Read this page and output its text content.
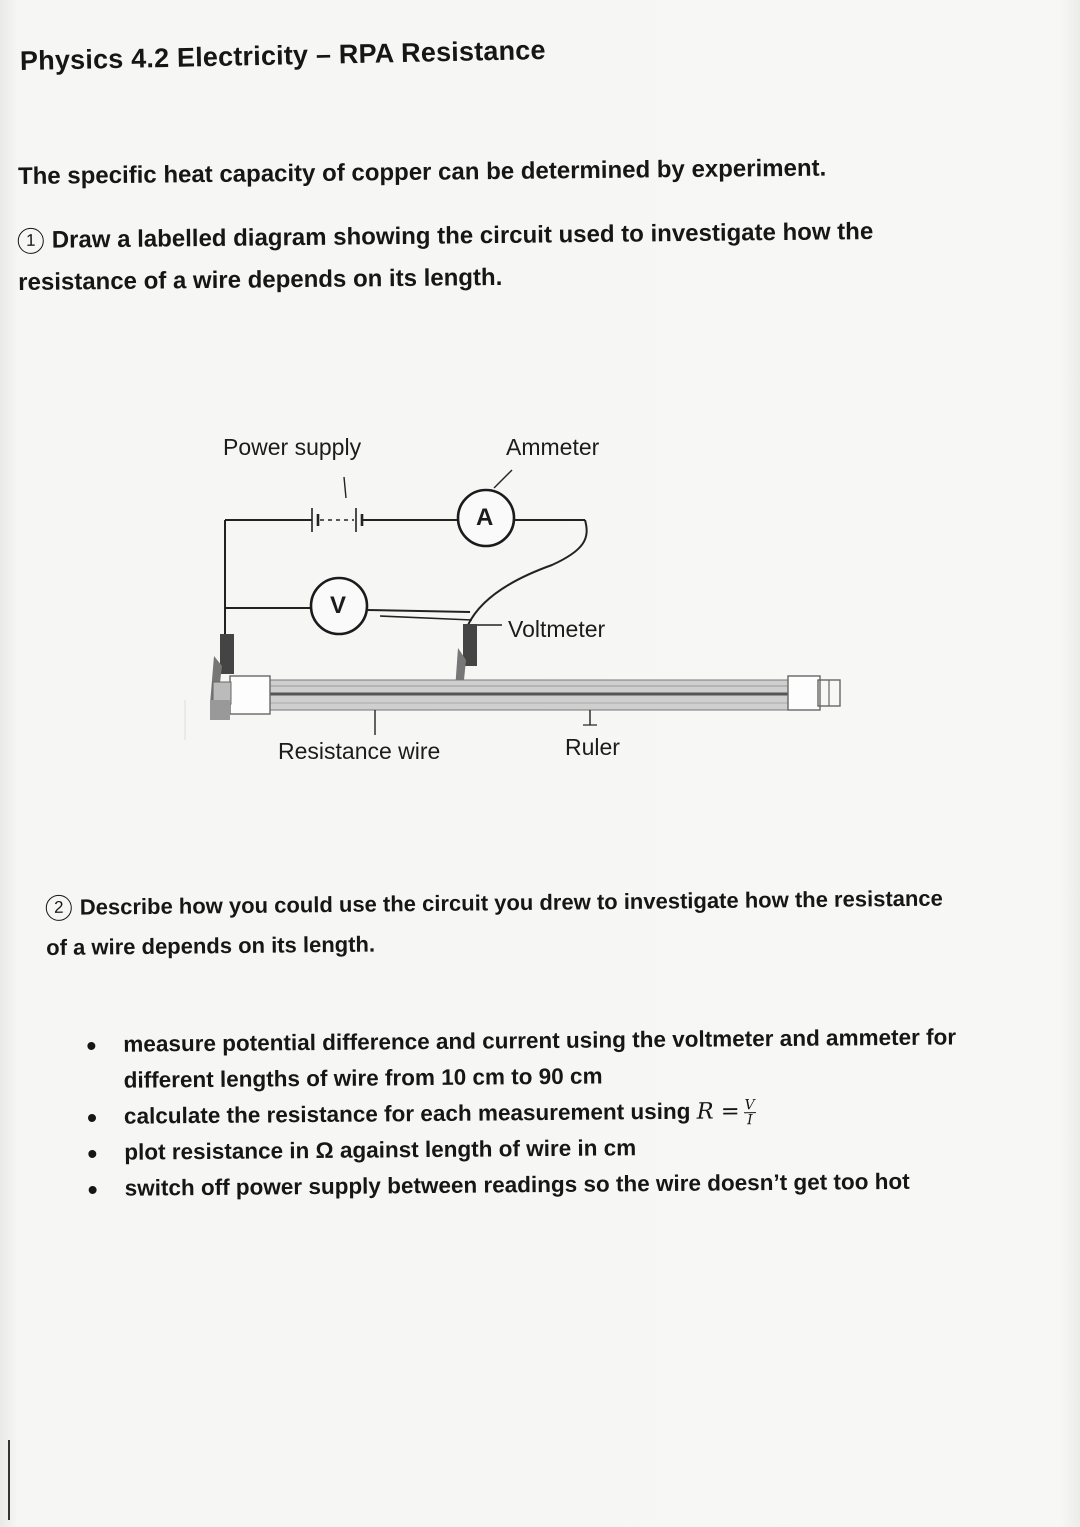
Physics 4.2 Electricity – RPA Resistance
The specific heat capacity of copper can be determined by experiment.
1 Draw a labelled diagram showing the circuit used to investigate how the resistance of a wire depends on its length.
Power supply	Ammeter
Voltmeter
Resistance wire	Ruler
A
V
2 Describe how you could use the circuit you drew to investigate how the resistance of a wire depends on its length.
measure potential difference and current using the voltmeter and ammeter for different lengths of wire from 10 cm to 90 cm
calculate the resistance for each measurement using $R = \frac{V}{I}$
plot resistance in Ω against length of wire in cm
switch off power supply between readings so the wire doesn’t get too hot
